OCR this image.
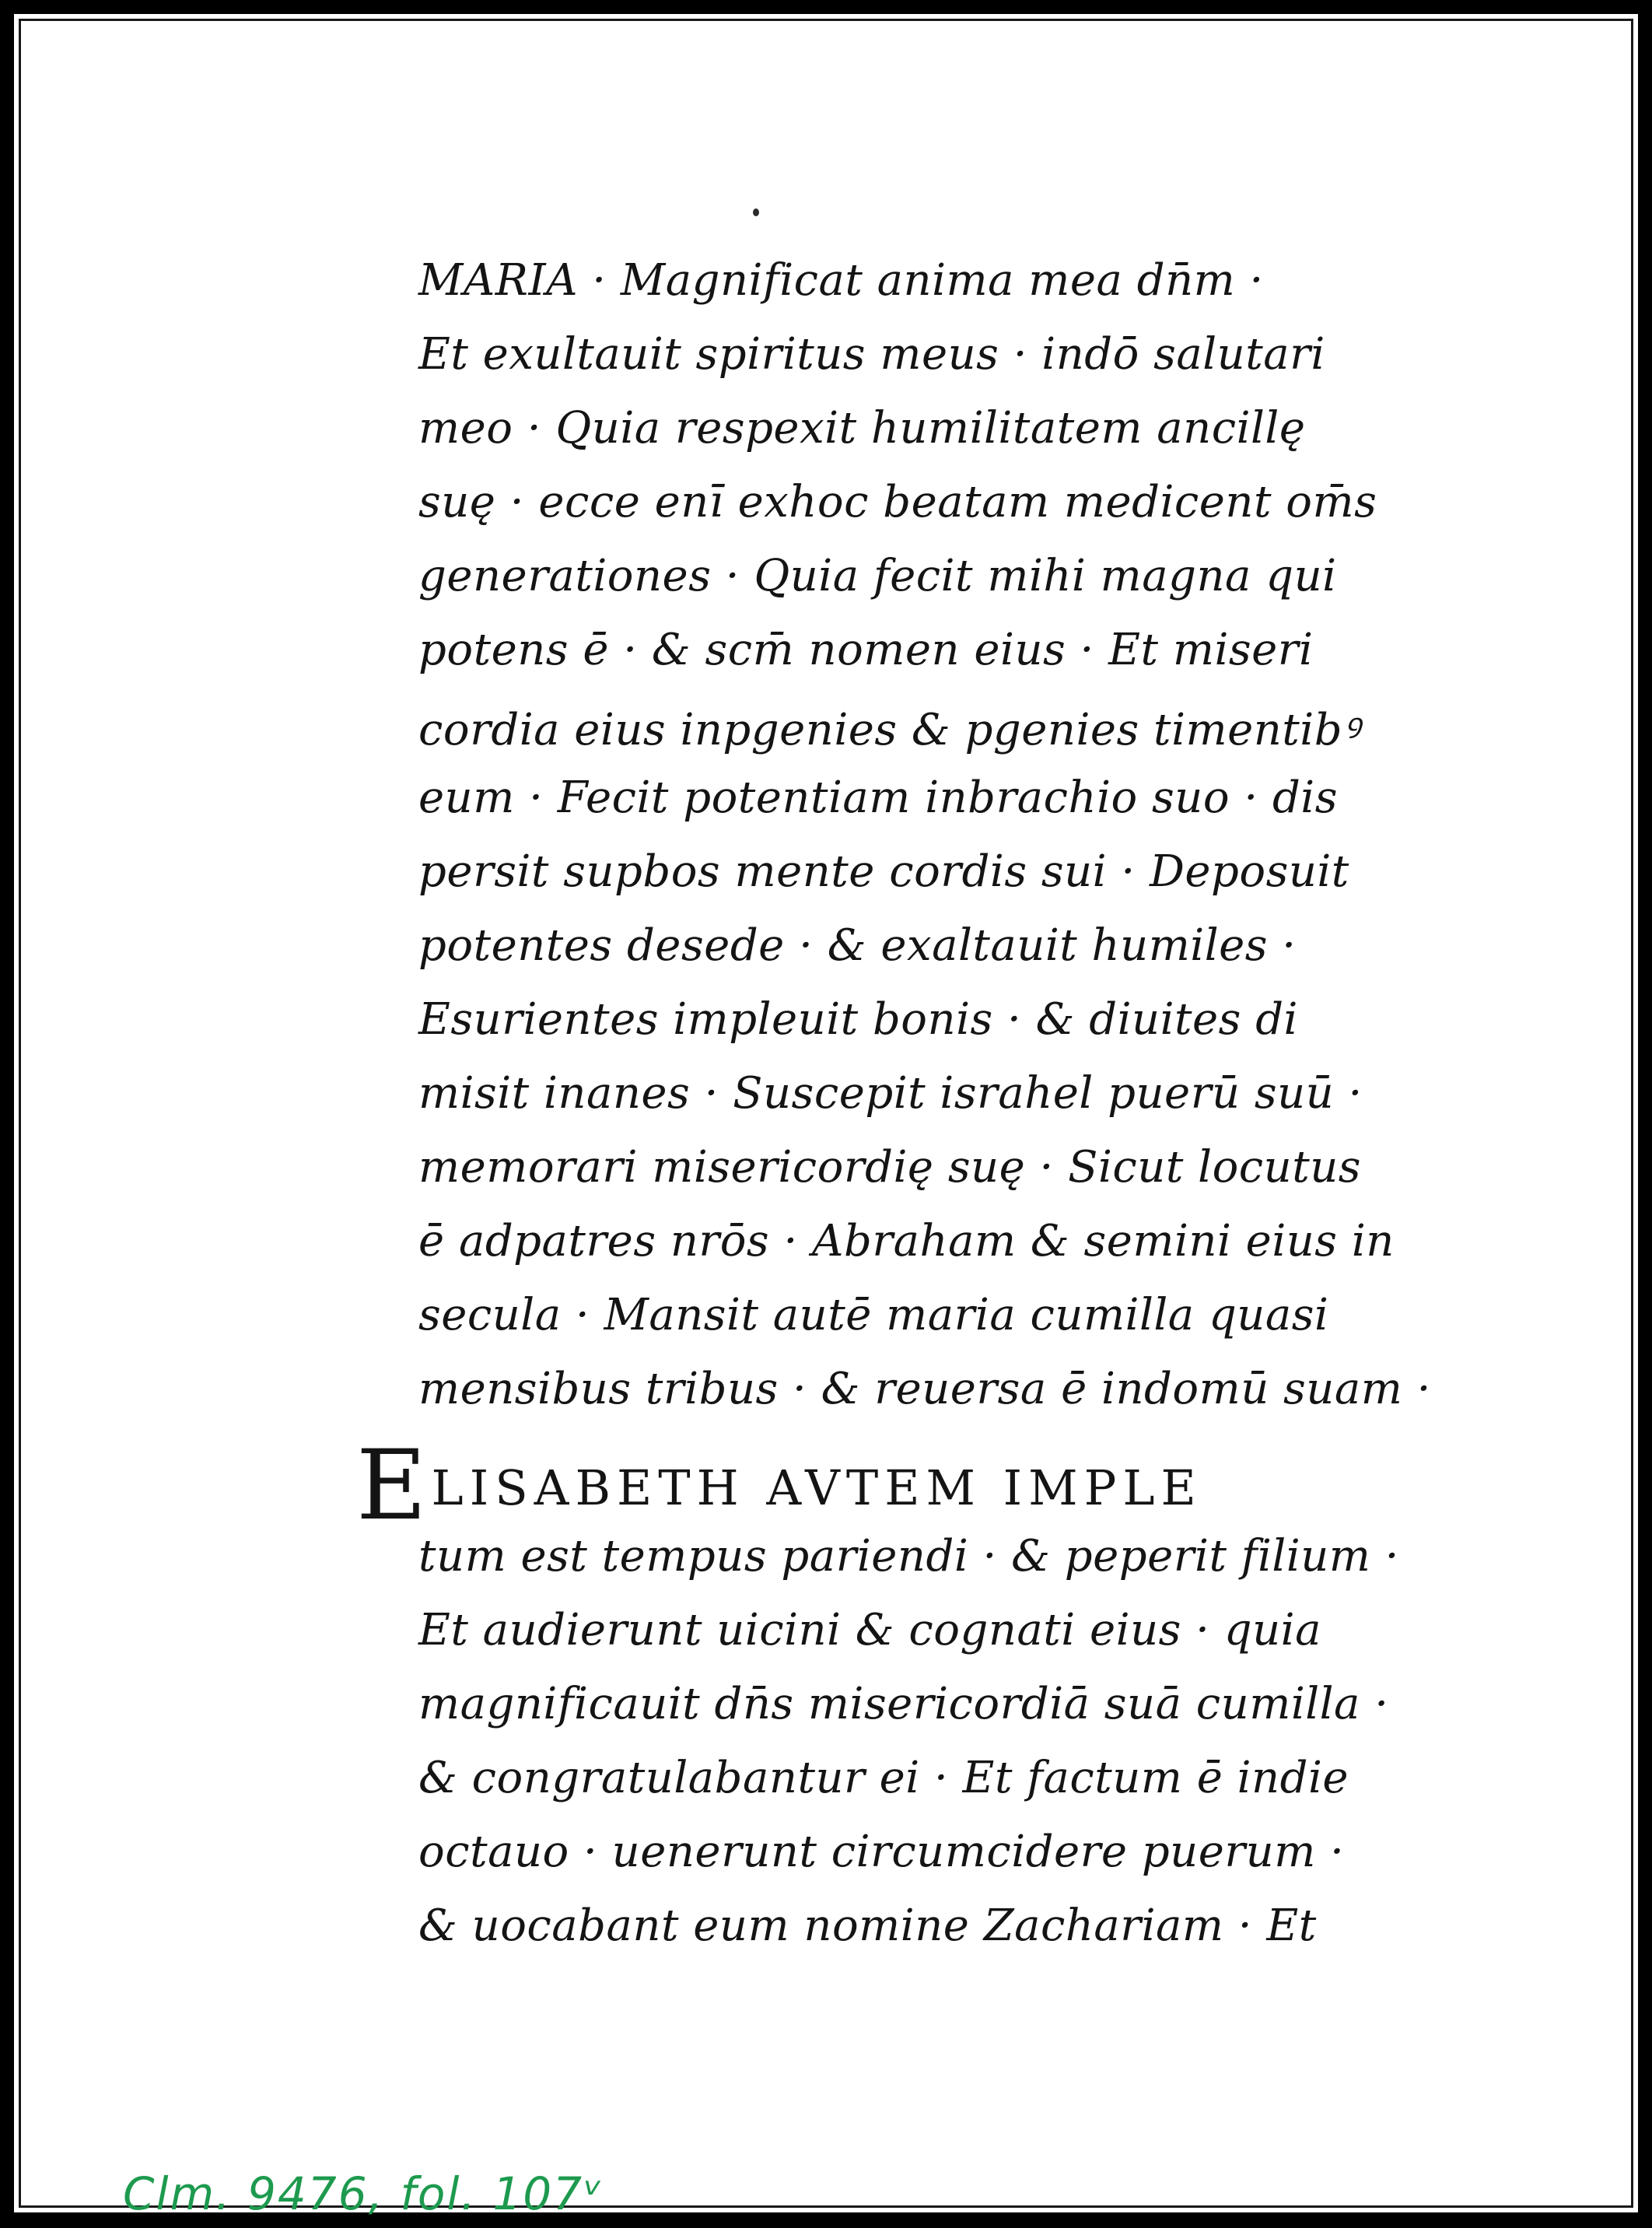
MARIA · Magnificat anima mea dn̄m ·
Et exultauit spiritus meus · indō salutari
meo · Quia respexit humilitatem ancillę
suę · ecce enī exhoc beatam medicent om̄s
generationes · Quia fecit mihi magna qui
potens ē · & scm̄ nomen eius · Et miseri
cordia eius inpgenies & pgenies timentibꝰ
eum · Fecit potentiam inbrachio suo · dis
persit supbos mente cordis sui · Deposuit
potentes desede · & exaltauit humiles ·
Esurientes impleuit bonis · & diuites di
misit inanes · Suscepit israhel puerū suū ·
memorari misericordię suę · Sicut locutus
ē adpatres nrōs · Abraham & semini eius in
secula · Mansit autē maria cumilla quasi
mensibus tribus · & reuersa ē indomū suam ·
ELISABETH AVTEM IMPLE
tum est tempus pariendi · & peperit filium ·
Et audierunt uicini & cognati eius · quia
magnificauit dn̄s misericordiā suā cumilla ·
& congratulabantur ei · Et factum ē indie
octauo · uenerunt circumcidere puerum ·
& uocabant eum nomine Zachariam · Et
Clm. 9476, fol. 107ᵛ
